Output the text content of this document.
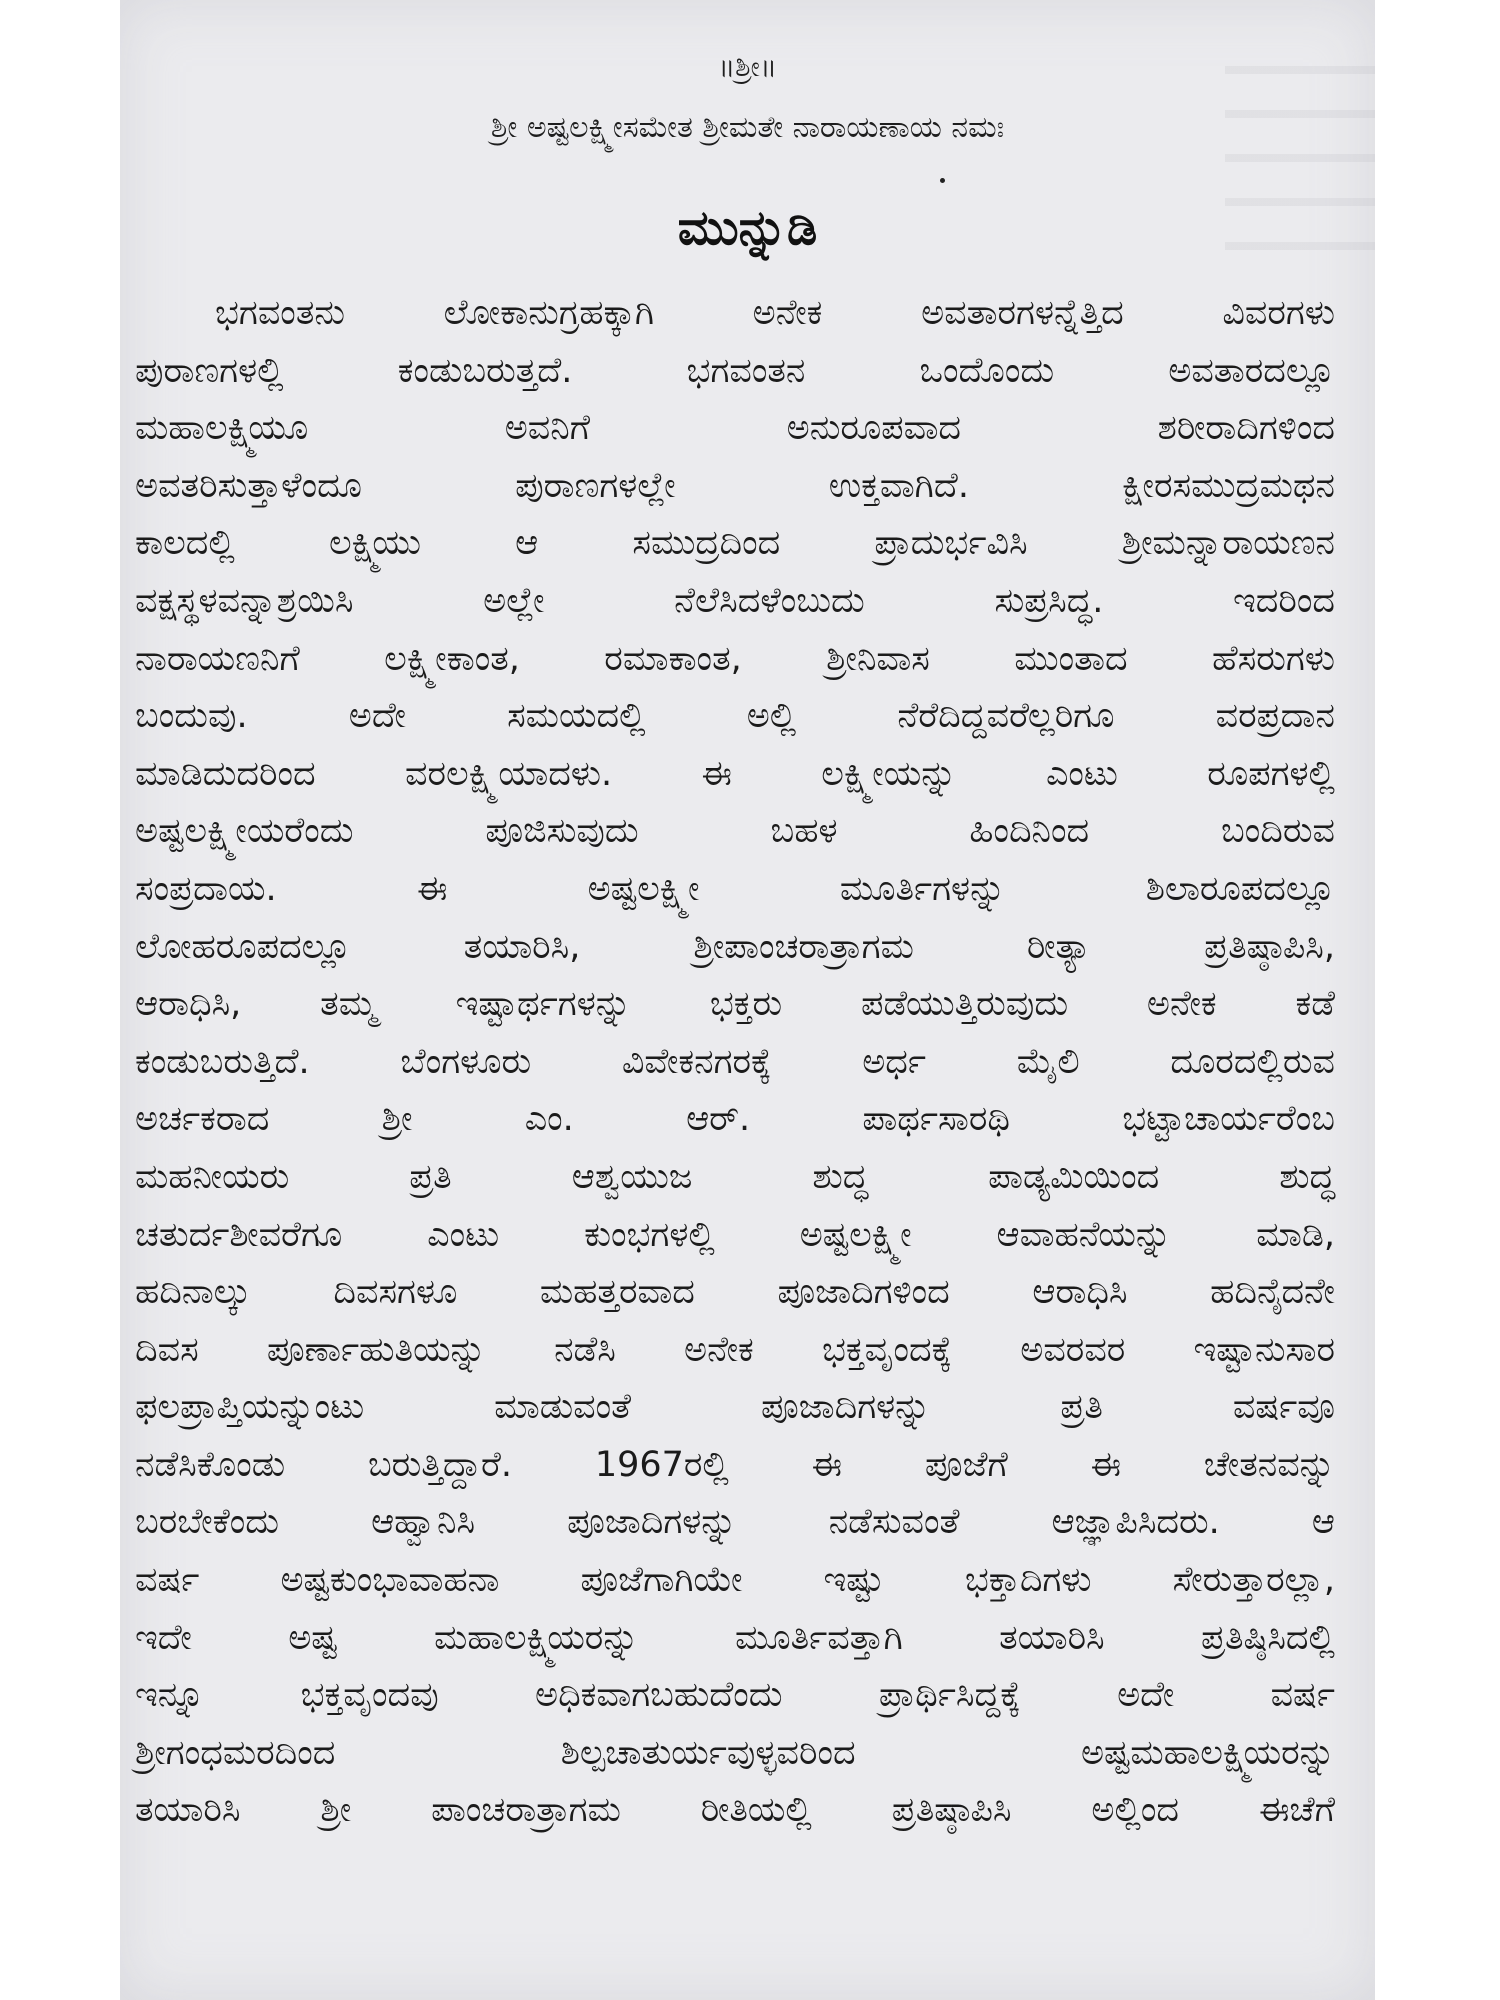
॥ಶ್ರೀ॥
ಶ್ರೀ ಅಷ್ಟಲಕ್ಷ್ಮೀಸಮೇತ ಶ್ರೀಮತೇ ನಾರಾಯಣಾಯ ನಮಃ
ಮುನ್ನುಡಿ
ಭಗವಂತನು ಲೋಕಾನುಗ್ರಹಕ್ಕಾಗಿ ಅನೇಕ ಅವತಾರಗಳನ್ನೆತ್ತಿದ ವಿವರಗಳು
ಪುರಾಣಗಳಲ್ಲಿ ಕಂಡುಬರುತ್ತದೆ. ಭಗವಂತನ ಒಂದೊಂದು ಅವತಾರದಲ್ಲೂ
ಮಹಾಲಕ್ಷ್ಮಿಯೂ ಅವನಿಗೆ ಅನುರೂಪವಾದ ಶರೀರಾದಿಗಳಿಂದ
ಅವತರಿಸುತ್ತಾಳೆಂದೂ ಪುರಾಣಗಳಲ್ಲೇ ಉಕ್ತವಾಗಿದೆ. ಕ್ಷೀರಸಮುದ್ರಮಥನ
ಕಾಲದಲ್ಲಿ ಲಕ್ಷ್ಮಿಯು ಆ ಸಮುದ್ರದಿಂದ ಪ್ರಾದುರ್ಭವಿಸಿ ಶ್ರೀಮನ್ನಾರಾಯಣನ
ವಕ್ಷಸ್ಥಳವನ್ನಾಶ್ರಯಿಸಿ ಅಲ್ಲೇ ನೆಲೆಸಿದಳೆಂಬುದು ಸುಪ್ರಸಿದ್ಧ. ಇದರಿಂದ
ನಾರಾಯಣನಿಗೆ ಲಕ್ಷ್ಮೀಕಾಂತ, ರಮಾಕಾಂತ, ಶ್ರೀನಿವಾಸ ಮುಂತಾದ ಹೆಸರುಗಳು
ಬಂದುವು. ಅದೇ ಸಮಯದಲ್ಲಿ ಅಲ್ಲಿ ನೆರೆದಿದ್ದವರೆಲ್ಲರಿಗೂ ವರಪ್ರದಾನ
ಮಾಡಿದುದರಿಂದ ವರಲಕ್ಷ್ಮಿಯಾದಳು. ಈ ಲಕ್ಷ್ಮೀಯನ್ನು ಎಂಟು ರೂಪಗಳಲ್ಲಿ
ಅಷ್ಟಲಕ್ಷ್ಮೀಯರೆಂದು ಪೂಜಿಸುವುದು ಬಹಳ ಹಿಂದಿನಿಂದ ಬಂದಿರುವ
ಸಂಪ್ರದಾಯ. ಈ ಅಷ್ಟಲಕ್ಷ್ಮೀ ಮೂರ್ತಿಗಳನ್ನು ಶಿಲಾರೂಪದಲ್ಲೂ
ಲೋಹರೂಪದಲ್ಲೂ ತಯಾರಿಸಿ, ಶ್ರೀಪಾಂಚರಾತ್ರಾಗಮ ರೀತ್ಯಾ ಪ್ರತಿಷ್ಠಾಪಿಸಿ,
ಆರಾಧಿಸಿ, ತಮ್ಮ ಇಷ್ಟಾರ್ಥಗಳನ್ನು ಭಕ್ತರು ಪಡೆಯುತ್ತಿರುವುದು ಅನೇಕ ಕಡೆ
ಕಂಡುಬರುತ್ತಿದೆ. ಬೆಂಗಳೂರು ವಿವೇಕನಗರಕ್ಕೆ ಅರ್ಧ ಮೈಲಿ ದೂರದಲ್ಲಿರುವ
ಅರ್ಚಕರಾದ ಶ್ರೀ ಎಂ. ಆರ್. ಪಾರ್ಥಸಾರಥಿ ಭಟ್ಟಾಚಾರ್ಯರೆಂಬ
ಮಹನೀಯರು ಪ್ರತಿ ಆಶ್ವಯುಜ ಶುದ್ಧ ಪಾಡ್ಯಮಿಯಿಂದ ಶುದ್ಧ
ಚತುರ್ದಶೀವರೆಗೂ ಎಂಟು ಕುಂಭಗಳಲ್ಲಿ ಅಷ್ಟಲಕ್ಷ್ಮೀ ಆವಾಹನೆಯನ್ನು ಮಾಡಿ,
ಹದಿನಾಲ್ಕು ದಿವಸಗಳೂ ಮಹತ್ತರವಾದ ಪೂಜಾದಿಗಳಿಂದ ಆರಾಧಿಸಿ ಹದಿನೈದನೇ
ದಿವಸ ಪೂರ್ಣಾಹುತಿಯನ್ನು ನಡೆಸಿ ಅನೇಕ ಭಕ್ತವೃಂದಕ್ಕೆ ಅವರವರ ಇಷ್ಟಾನುಸಾರ
ಫಲಪ್ರಾಪ್ತಿಯನ್ನುಂಟು ಮಾಡುವಂತೆ ಪೂಜಾದಿಗಳನ್ನು ಪ್ರತಿ ವರ್ಷವೂ
ನಡೆಸಿಕೊಂಡು ಬರುತ್ತಿದ್ದಾರೆ. 1967ರಲ್ಲಿ ಈ ಪೂಜೆಗೆ ಈ ಚೇತನವನ್ನು
ಬರಬೇಕೆಂದು ಆಹ್ವಾನಿಸಿ ಪೂಜಾದಿಗಳನ್ನು ನಡೆಸುವಂತೆ ಆಜ್ಞಾಪಿಸಿದರು. ಆ
ವರ್ಷ ಅಷ್ಟಕುಂಭಾವಾಹನಾ ಪೂಜೆಗಾಗಿಯೇ ಇಷ್ಟು ಭಕ್ತಾದಿಗಳು ಸೇರುತ್ತಾರಲ್ಲಾ,
ಇದೇ ಅಷ್ಟ ಮಹಾಲಕ್ಷ್ಮಿಯರನ್ನು ಮೂರ್ತಿವತ್ತಾಗಿ ತಯಾರಿಸಿ ಪ್ರತಿಷ್ಠಿಸಿದಲ್ಲಿ
ಇನ್ನೂ ಭಕ್ತವೃಂದವು ಅಧಿಕವಾಗಬಹುದೆಂದು ಪ್ರಾರ್ಥಿಸಿದ್ದಕ್ಕೆ ಅದೇ ವರ್ಷ
ಶ್ರೀಗಂಧಮರದಿಂದ ಶಿಲ್ಪಚಾತುರ್ಯವುಳ್ಳವರಿಂದ ಅಷ್ಟಮಹಾಲಕ್ಷ್ಮಿಯರನ್ನು
ತಯಾರಿಸಿ ಶ್ರೀ ಪಾಂಚರಾತ್ರಾಗಮ ರೀತಿಯಲ್ಲಿ ಪ್ರತಿಷ್ಠಾಪಿಸಿ ಅಲ್ಲಿಂದ ಈಚೆಗೆ
